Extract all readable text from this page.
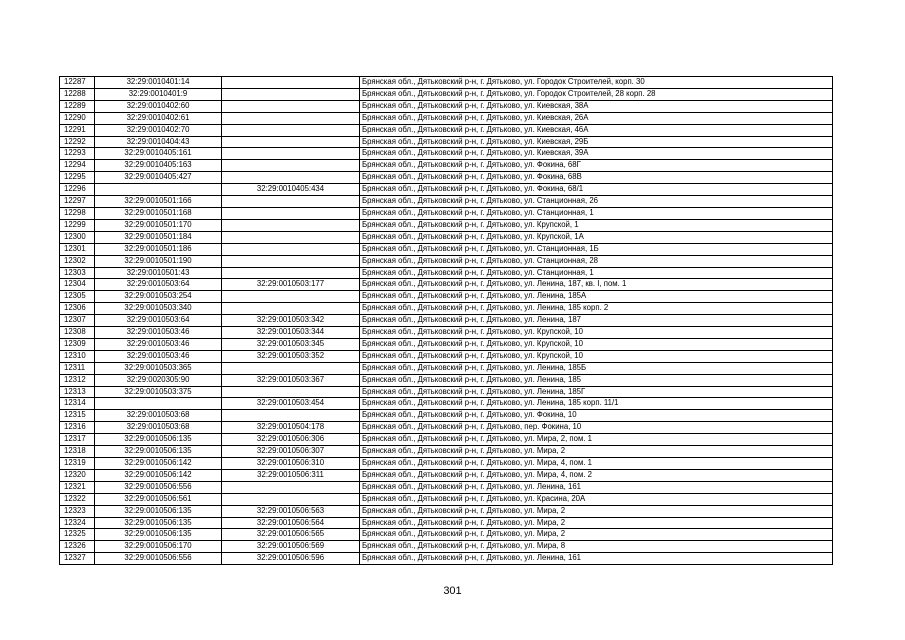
12287	32:29:0010401:14		Брянская обл., Дятьковский р-н, г. Дятьково, ул. Городок Строителей, корп. 30
12288	32:29:0010401:9		Брянская обл., Дятьковский р-н, г. Дятьково, ул. Городок Строителей, 28 корп. 28
12289	32:29:0010402:60		Брянская обл., Дятьковский р-н, г. Дятьково, ул. Киевская, 38А
12290	32:29:0010402:61		Брянская обл., Дятьковский р-н, г. Дятьково, ул. Киевская, 26А
12291	32:29:0010402:70		Брянская обл., Дятьковский р-н, г. Дятьково, ул. Киевская, 46А
12292	32:29:0010404:43		Брянская обл., Дятьковский р-н, г. Дятьково, ул. Киевская, 29Б
12293	32:29:0010405:161		Брянская обл., Дятьковский р-н, г. Дятьково, ул. Киевская, 39А
12294	32:29:0010405:163		Брянская обл., Дятьковский р-н, г. Дятьково, ул. Фокина, 68Г
12295	32:29:0010405:427		Брянская обл., Дятьковский р-н, г. Дятьково, ул. Фокина, 68В
12296		32:29:0010405:434	Брянская обл., Дятьковский р-н, г. Дятьково, ул. Фокина, 68/1
12297	32:29:0010501:166		Брянская обл., Дятьковский р-н, г. Дятьково, ул. Станционная, 26
12298	32:29:0010501:168		Брянская обл., Дятьковский р-н, г. Дятьково, ул. Станционная, 1
12299	32:29:0010501:170		Брянская обл., Дятьковский р-н, г. Дятьково, ул. Крупской, 1
12300	32:29:0010501:184		Брянская обл., Дятьковский р-н, г. Дятьково, ул. Крупской, 1А
12301	32:29:0010501:186		Брянская обл., Дятьковский р-н, г. Дятьково, ул. Станционная, 1Б
12302	32:29:0010501:190		Брянская обл., Дятьковский р-н, г. Дятьково, ул. Станционная, 28
12303	32:29:0010501:43		Брянская обл., Дятьковский р-н, г. Дятьково, ул. Станционная, 1
12304	32:29:0010503:64	32:29:0010503:177	Брянская обл., Дятьковский р-н, г. Дятьково, ул. Ленина, 187, кв. I, пом. 1
12305	32:29:0010503:254		Брянская обл., Дятьковский р-н, г. Дятьково, ул. Ленина, 185А
12306	32:29:0010503:340		Брянская обл., Дятьковский р-н, г. Дятьково, ул. Ленина, 185 корп. 2
12307	32:29:0010503:64	32:29:0010503:342	Брянская обл., Дятьковский р-н, г. Дятьково, ул. Ленина, 187
12308	32:29:0010503:46	32:29:0010503:344	Брянская обл., Дятьковский р-н, г. Дятьково, ул. Крупской, 10
12309	32:29:0010503:46	32:29:0010503:345	Брянская обл., Дятьковский р-н, г. Дятьково, ул. Крупской, 10
12310	32:29:0010503:46	32:29:0010503:352	Брянская обл., Дятьковский р-н, г. Дятьково, ул. Крупской, 10
12311	32:29:0010503:365		Брянская обл., Дятьковский р-н, г. Дятьково, ул. Ленина, 185Б
12312	32:29:0020305:90	32:29:0010503:367	Брянская обл., Дятьковский р-н, г. Дятьково, ул. Ленина, 185
12313	32:29:0010503:375		Брянская обл., Дятьковский р-н, г. Дятьково, ул. Ленина, 185Г
12314		32:29:0010503:454	Брянская обл., Дятьковский р-н, г. Дятьково, ул. Ленина, 185 корп. 11/1
12315	32:29:0010503:68		Брянская обл., Дятьковский р-н, г. Дятьково, ул. Фокина, 10
12316	32:29:0010503:68	32:29:0010504:178	Брянская обл., Дятьковский р-н, г. Дятьково, пер. Фокина, 10
12317	32:29:0010506:135	32:29:0010506:306	Брянская обл., Дятьковский р-н, г. Дятьково, ул. Мира, 2, пом. 1
12318	32:29:0010506:135	32:29:0010506:307	Брянская обл., Дятьковский р-н, г. Дятьково, ул. Мира, 2
12319	32:29:0010506:142	32:29:0010506:310	Брянская обл., Дятьковский р-н, г. Дятьково, ул. Мира, 4, пом. 1
12320	32:29:0010506:142	32:29:0010506:311	Брянская обл., Дятьковский р-н, г. Дятьково, ул. Мира, 4, пом. 2
12321	32:29:0010506:556		Брянская обл., Дятьковский р-н, г. Дятьково, ул. Ленина, 161
12322	32:29:0010506:561		Брянская обл., Дятьковский р-н, г. Дятьково, ул. Красина, 20А
12323	32:29:0010506:135	32:29:0010506:563	Брянская обл., Дятьковский р-н, г. Дятьково, ул. Мира, 2
12324	32:29:0010506:135	32:29:0010506:564	Брянская обл., Дятьковский р-н, г. Дятьково, ул. Мира, 2
12325	32:29:0010506:135	32:29:0010506:565	Брянская обл., Дятьковский р-н, г. Дятьково, ул. Мира, 2
12326	32:29:0010506:170	32:29:0010506:569	Брянская обл., Дятьковский р-н, г. Дятьково, ул. Мира, 8
12327	32:29:0010506:556	32:29:0010506:596	Брянская обл., Дятьковский р-н, г. Дятьково, ул. Ленина, 161
301
